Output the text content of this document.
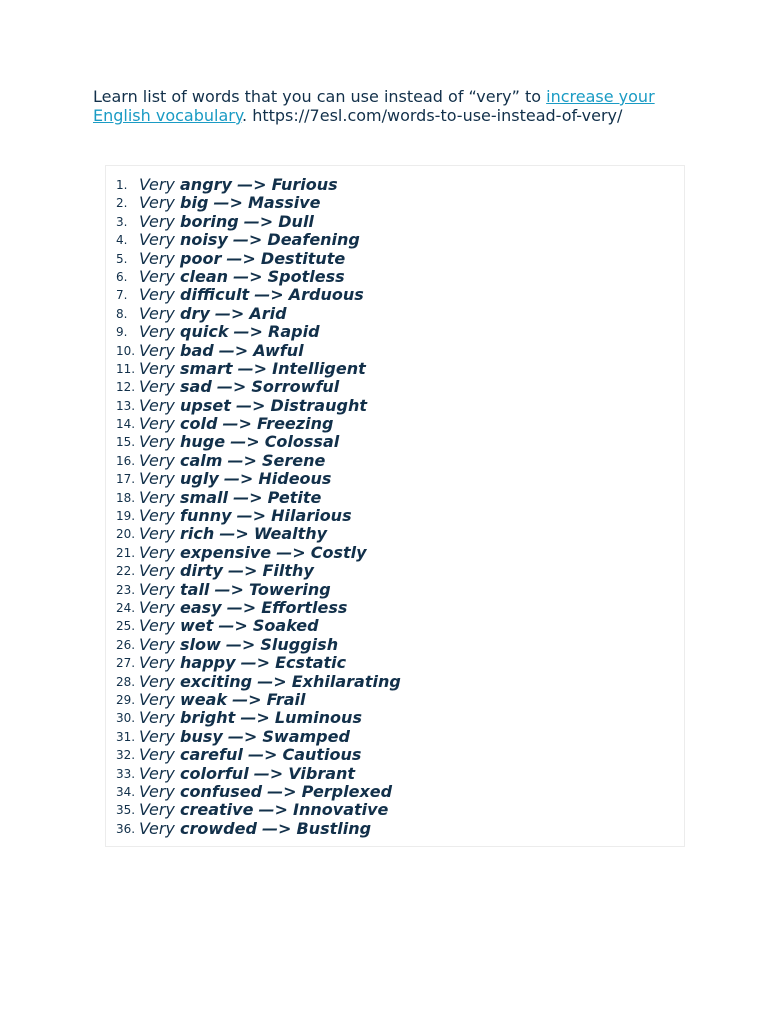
Learn list of words that you can use instead of “very” to increase your English vocabulary. https://7esl.com/words-to-use-instead-of-very/
1. Very angry —> Furious
2. Very big —> Massive
3. Very boring —> Dull
4. Very noisy —> Deafening
5. Very poor —> Destitute
6. Very clean —> Spotless
7. Very difficult —> Arduous
8. Very dry —> Arid
9. Very quick —> Rapid
10. Very bad —> Awful
11. Very smart —> Intelligent
12. Very sad —> Sorrowful
13. Very upset —> Distraught
14. Very cold —> Freezing
15. Very huge —> Colossal
16. Very calm —> Serene
17. Very ugly —> Hideous
18. Very small —> Petite
19. Very funny —> Hilarious
20. Very rich —> Wealthy
21. Very expensive —> Costly
22. Very dirty —> Filthy
23. Very tall —> Towering
24. Very easy —> Effortless
25. Very wet —> Soaked
26. Very slow —> Sluggish
27. Very happy —> Ecstatic
28. Very exciting —> Exhilarating
29. Very weak —> Frail
30. Very bright —> Luminous
31. Very busy —> Swamped
32. Very careful —> Cautious
33. Very colorful —> Vibrant
34. Very confused —> Perplexed
35. Very creative —> Innovative
36. Very crowded —> Bustling
